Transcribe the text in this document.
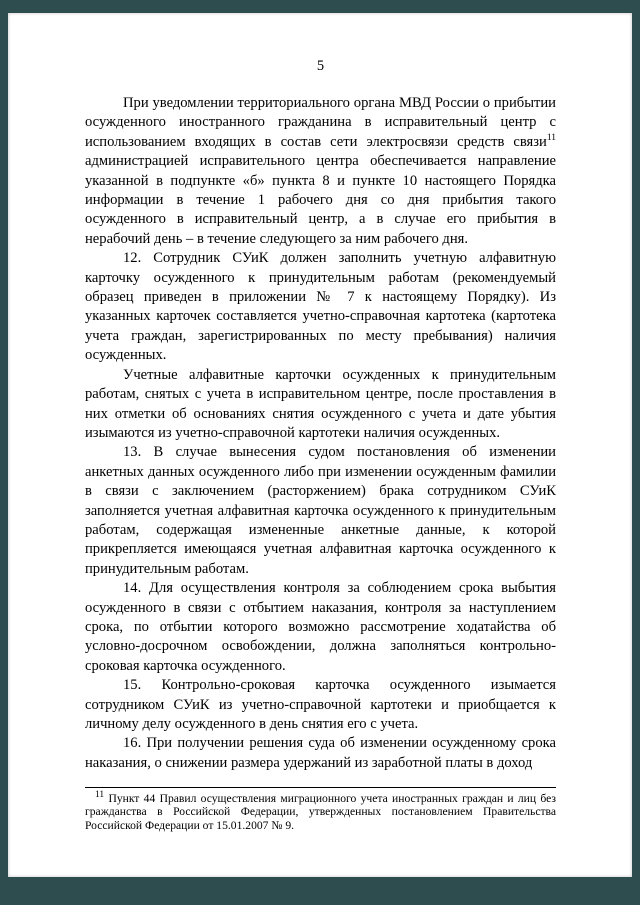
5

При уведомлении территориального органа МВД России о прибытии осужденного иностранного гражданина в исправительный центр с использованием входящих в состав сети электросвязи средств связи$^{11}$ администрацией исправительного центра обеспечивается направление указанной в подпункте «б» пункта 8 и пункте 10 настоящего Порядка информации в течение 1 рабочего дня со дня прибытия такого осужденного в исправительный центр, а в случае его прибытия в нерабочий день – в течение следующего за ним рабочего дня.

12. Сотрудник СУиК должен заполнить учетную алфавитную карточку осужденного к принудительным работам (рекомендуемый образец приведен в приложении № 7 к настоящему Порядку). Из указанных карточек составляется учетно-справочная картотека (картотека учета граждан, зарегистрированных по месту пребывания) наличия осужденных.

Учетные алфавитные карточки осужденных к принудительным работам, снятых с учета в исправительном центре, после проставления в них отметки об основаниях снятия осужденного с учета и дате убытия изымаются из учетно-справочной картотеки наличия осужденных.

13. В случае вынесения судом постановления об изменении анкетных данных осужденного либо при изменении осужденным фамилии в связи с заключением (расторжением) брака сотрудником СУиК заполняется учетная алфавитная карточка осужденного к принудительным работам, содержащая измененные анкетные данные, к которой прикрепляется имеющаяся учетная алфавитная карточка осужденного к принудительным работам.

14. Для осуществления контроля за соблюдением срока выбытия осужденного в связи с отбытием наказания, контроля за наступлением срока, по отбытии которого возможно рассмотрение ходатайства об условно-досрочном освобождении, должна заполняться контрольно-сроковая карточка осужденного.

15. Контрольно-сроковая карточка осужденного изымается сотрудником СУиК из учетно-справочной картотеки и приобщается к личному делу осужденного в день снятия его с учета.

16. При получении решения суда об изменении осужденному срока наказания, о снижении размера удержаний из заработной платы в доход

$^{11}$ Пункт 44 Правил осуществления миграционного учета иностранных граждан и лиц без гражданства в Российской Федерации, утвержденных постановлением Правительства Российской Федерации от 15.01.2007 № 9.
